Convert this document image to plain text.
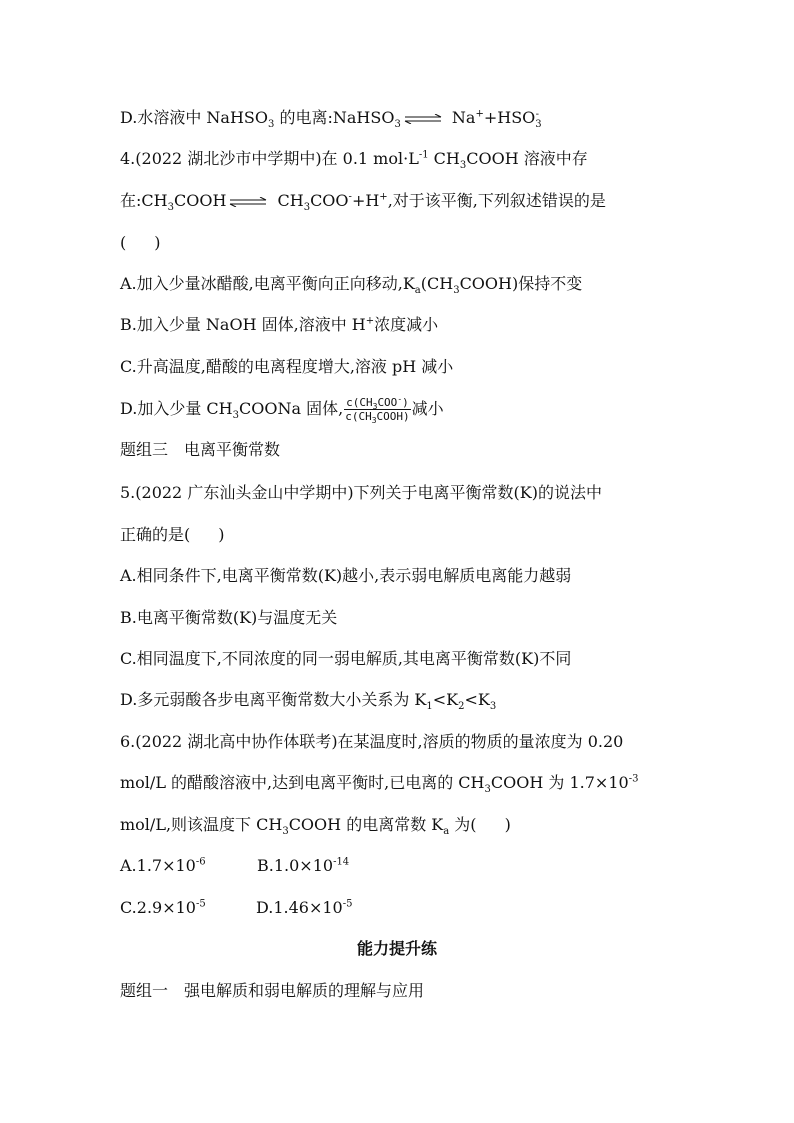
D.水溶液中 NaHSO$_3$ 的电离:NaHSO$_3$ ⇌ $Na^++HSO_3^-$
4.(2022 湖北沙市中学期中)在 0.1 $mol\cdot L^{-1}$ $CH_3COOH$ 溶液中存
在$:CH_3COOH$ ⇌ $CH_3COO^-+H^+$,对于该平衡,下列叙述错误的是
( )
A.加入少量冰醋酸,电离平衡向正向移动$,K_a(CH_3COOH)$保持不变
B.加入少量 NaOH 固体,溶液中 H+浓度减小
C.升高温度,醋酸的电离程度增大,溶液 pH 减小
D.加入少量 $CH_3COONa$ 固体, $\frac{c(CH_3COO^-)}{c(CH_3COOH)}$ 减小
题组三　电离平衡常数
5.(2022 广东汕头金山中学期中)下列关于电离平衡常数(K)的说法中
正确的是( )
A.相同条件下,电离平衡常数(K)越小,表示弱电解质电离能力越弱
B.电离平衡常数(K)与温度无关
C.相同温度下,不同浓度的同一弱电解质,其电离平衡常数(K)不同
D.多元弱酸各步电离平衡常数大小关系为 $K_1<K_2<K_3$
6.(2022 湖北高中协作体联考)在某温度时,溶质的物质的量浓度为 0.20
mol/L 的醋酸溶液中,达到电离平衡时,已电离的 $CH_3COOH$ 为 $1.7\times 10^{-3}$
mol/L,则该温度下 $CH_3COOH$ 的电离常数 $K_a$ 为( )
$A.1.7\times 10^{-6}$	$B.1.0\times 10^{-14}$
$C.2.9\times 10^{-5}$	$D.1.46\times 10^{-5}$
能力提升练
题组一　强电解质和弱电解质的理解与应用
